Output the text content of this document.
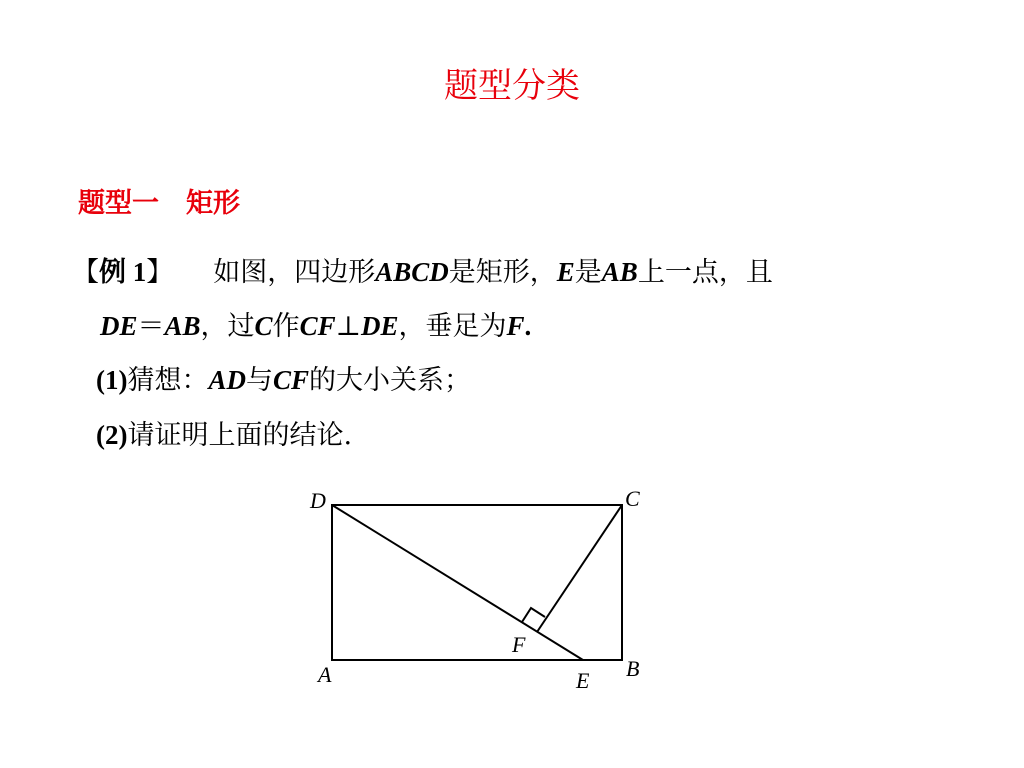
题型分类
题型一　矩形
【例 1】 如图，四边形ABCD是矩形，E是AB上一点，且
DE＝AB，过C作CF⊥DE，垂足为F.
(1)猜想：AD与CF的大小关系；
(2)请证明上面的结论.
D	C
A	B
E
F
